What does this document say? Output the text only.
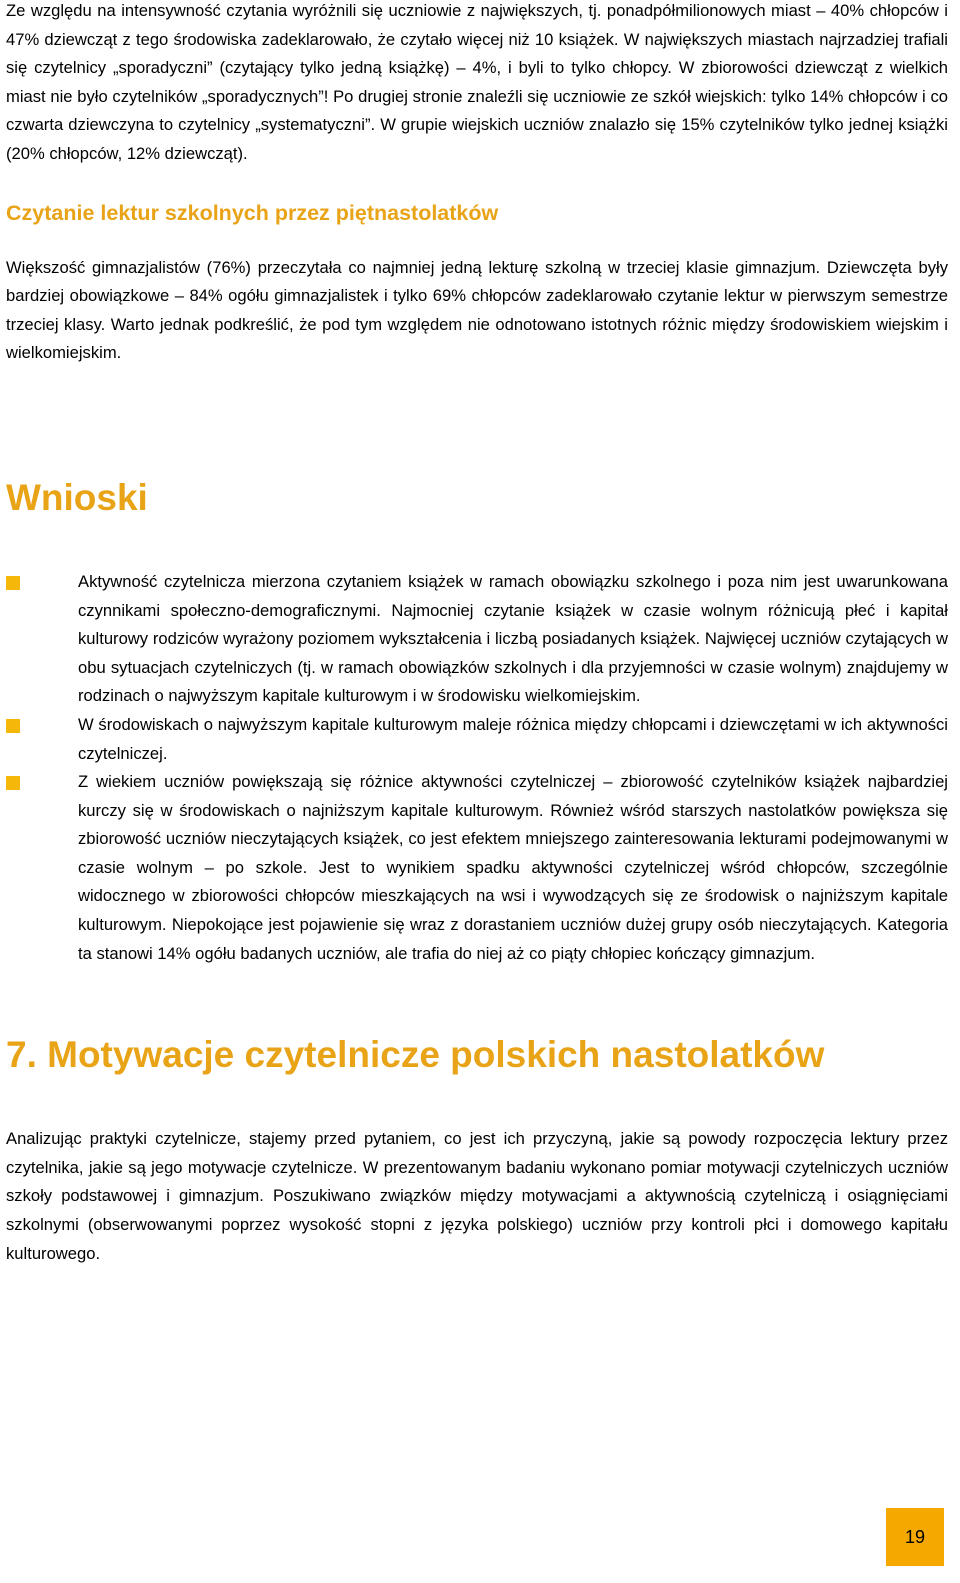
Ze względu na intensywność czytania wyróżnili się uczniowie z największych, tj. ponadpółmilionowych miast – 40% chłopców i 47% dziewcząt z tego środowiska zadeklarowało, że czytało więcej niż 10 książek. W największych miastach najrzadziej trafiali się czytelnicy „sporadyczni” (czytający tylko jedną książkę) – 4%, i byli to tylko chłopcy. W zbiorowości dziewcząt z wielkich miast nie było czytelników „sporadycznych”! Po drugiej stronie znaleźli się uczniowie ze szkół wiejskich: tylko 14% chłopców i co czwarta dziewczyna to czytelnicy „systematyczni”. W grupie wiejskich uczniów znalazło się 15% czytelników tylko jednej książki (20% chłopców, 12% dziewcząt).

Czytanie lektur szkolnych przez piętnastolatków

Większość gimnazjalistów (76%) przeczytała co najmniej jedną lekturę szkolną w trzeciej klasie gimnazjum. Dziewczęta były bardziej obowiązkowe – 84% ogółu gimnazjalistek i tylko 69% chłopców zadeklarowało czytanie lektur w pierwszym semestrze trzeciej klasy. Warto jednak podkreślić, że pod tym względem nie odnotowano istotnych różnic między środowiskiem wiejskim i wielkomiejskim.

Wnioski

Aktywność czytelnicza mierzona czytaniem książek w ramach obowiązku szkolnego i poza nim jest uwarunkowana czynnikami społeczno-demograficznymi. Najmocniej czytanie książek w czasie wolnym różnicują płeć i kapitał kulturowy rodziców wyrażony poziomem wykształcenia i liczbą posiadanych książek. Najwięcej uczniów czytających w obu sytuacjach czytelniczych (tj. w ramach obowiązków szkolnych i dla przyjemności w czasie wolnym) znajdujemy w rodzinach o najwyższym kapitale kulturowym i w środowisku wielkomiejskim.

W środowiskach o najwyższym kapitale kulturowym maleje różnica między chłopcami i dziewczętami w ich aktywności czytelniczej.

Z wiekiem uczniów powiększają się różnice aktywności czytelniczej – zbiorowość czytelników książek najbardziej kurczy się w środowiskach o najniższym kapitale kulturowym. Również wśród starszych nastolatków powiększa się zbiorowość uczniów nieczytających książek, co jest efektem mniejszego zainteresowania lekturami podejmowanymi w czasie wolnym – po szkole. Jest to wynikiem spadku aktywności czytelniczej wśród chłopców, szczególnie widocznego w zbiorowości chłopców mieszkających na wsi i wywodzących się ze środowisk o najniższym kapitale kulturowym. Niepokojące jest pojawienie się wraz z dorastaniem uczniów dużej grupy osób nieczytających. Kategoria ta stanowi 14% ogółu badanych uczniów, ale trafia do niej aż co piąty chłopiec kończący gimnazjum.

7. Motywacje czytelnicze polskich nastolatków

Analizując praktyki czytelnicze, stajemy przed pytaniem, co jest ich przyczyną, jakie są powody rozpoczęcia lektury przez czytelnika, jakie są jego motywacje czytelnicze. W prezentowanym badaniu wykonano pomiar motywacji czytelniczych uczniów szkoły podstawowej i gimnazjum. Poszukiwano związków między motywacjami a aktywnością czytelniczą i osiągnięciami szkolnymi (obserwowanymi poprzez wysokość stopni z języka polskiego) uczniów przy kontroli płci i domowego kapitału kulturowego.

19
